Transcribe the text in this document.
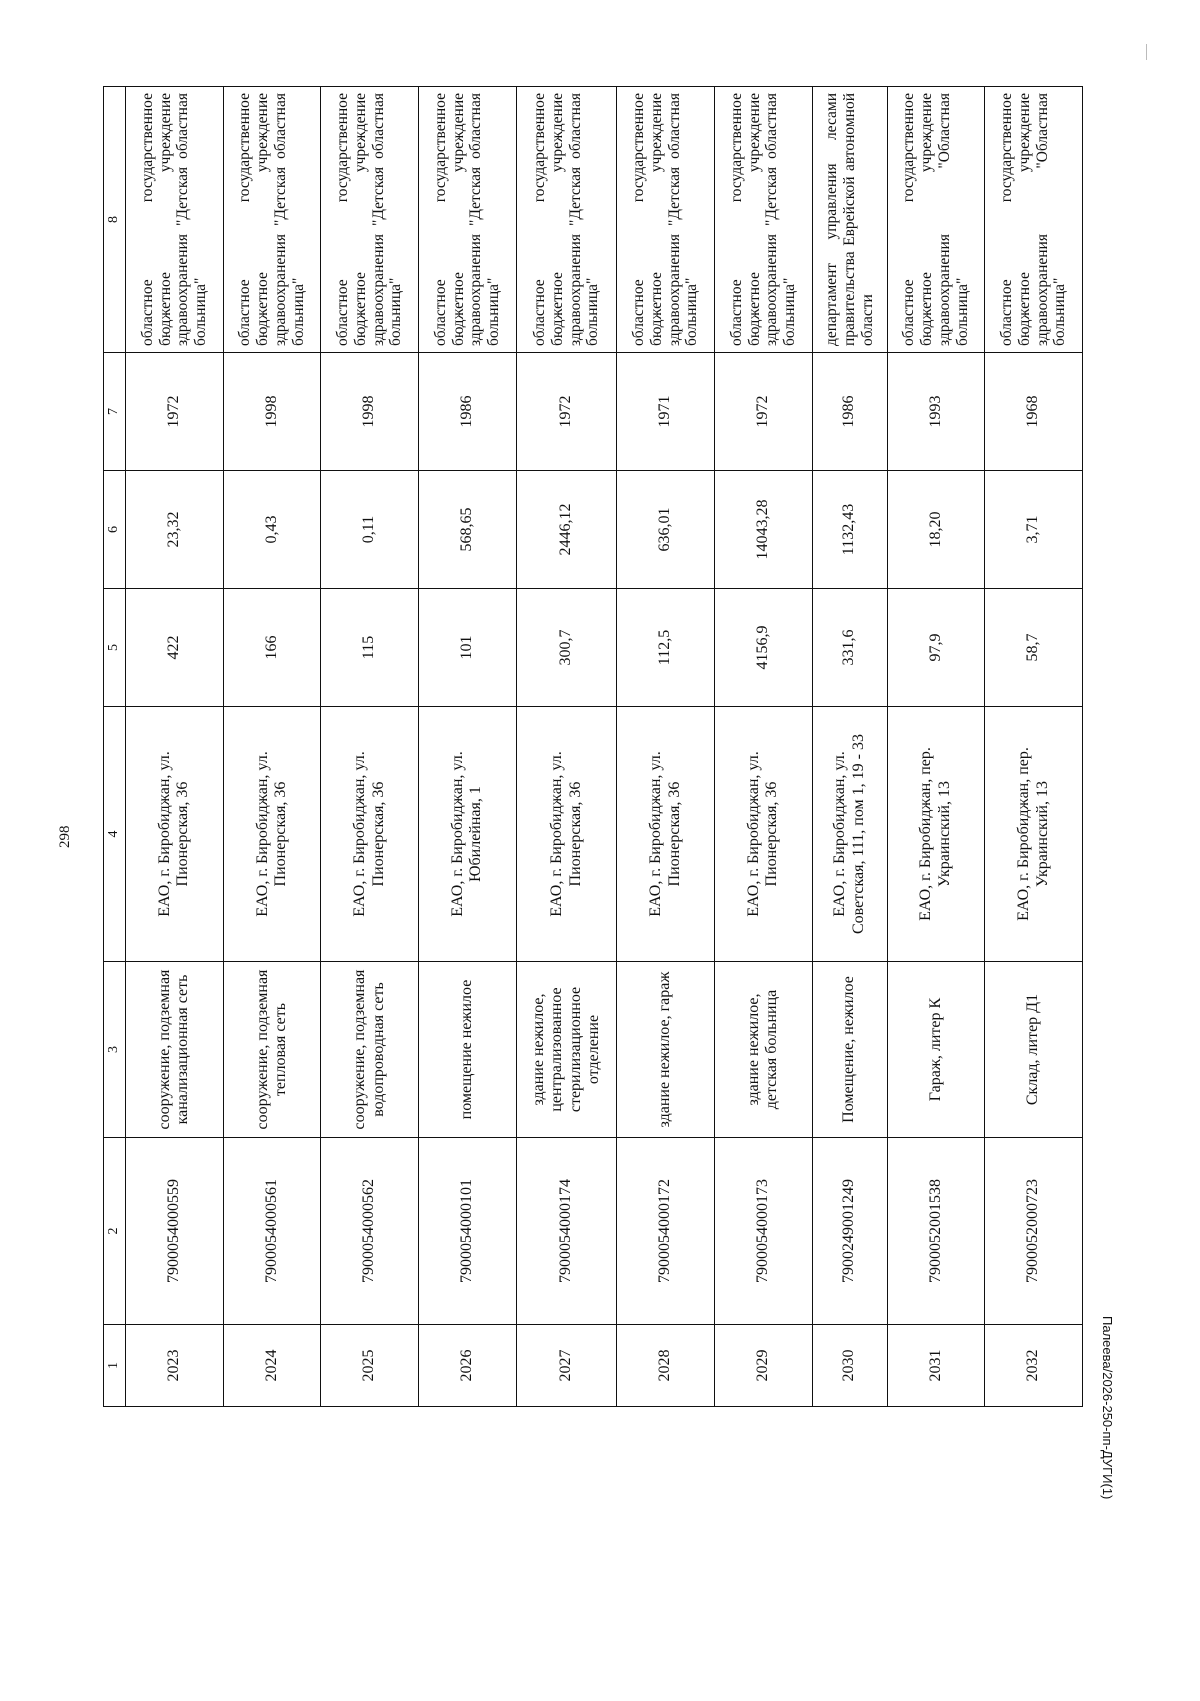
298
Палеева/2026-250-пп-ДУГИ(1)
1	2	3	4	5	6	7	8
2023	7900054000559	сооружение, подземная канализационная сеть	ЕАО, г. Биробиджан, ул. Пионерская, 36	422	23,32	1972	областное государственное бюджетное учреждение здравоохранения "Детская областная больница"
2024	7900054000561	сооружение, подземная тепловая сеть	ЕАО, г. Биробиджан, ул. Пионерская, 36	166	0,43	1998	областное государственное бюджетное учреждение здравоохранения "Детская областная больница"
2025	7900054000562	сооружение, подземная водопроводная сеть	ЕАО, г. Биробиджан, ул. Пионерская, 36	115	0,11	1998	областное государственное бюджетное учреждение здравоохранения "Детская областная больница"
2026	7900054000101	помещение нежилое	ЕАО, г. Биробиджан, ул. Юбилейная, 1	101	568,65	1986	областное государственное бюджетное учреждение здравоохранения "Детская областная больница"
2027	7900054000174	здание нежилое, централизованное стерилизационное отделение	ЕАО, г. Биробиджан, ул. Пионерская, 36	300,7	2446,12	1972	областное государственное бюджетное учреждение здравоохранения "Детская областная больница"
2028	7900054000172	здание нежилое, гараж	ЕАО, г. Биробиджан, ул. Пионерская, 36	112,5	636,01	1971	областное государственное бюджетное учреждение здравоохранения "Детская областная больница"
2029	7900054000173	здание нежилое, детская больница	ЕАО, г. Биробиджан, ул. Пионерская, 36	4156,9	14043,28	1972	областное государственное бюджетное учреждение здравоохранения "Детская областная больница"
2030	7900249001249	Помещение, нежилое	ЕАО, г. Биробиджан, ул. Советская, 111, пом 1, 19 - 33	331,6	1132,43	1986	департамент управления лесами правительства Еврейской автономной области
2031	7900052001538	Гараж, литер К	ЕАО, г. Биробиджан, пер. Украинский, 13	97,9	18,20	1993	областное государственное бюджетное учреждение здравоохранения "Областная больница"
2032	7900052000723	Склад, литер Д1	ЕАО, г. Биробиджан, пер. Украинский, 13	58,7	3,71	1968	областное государственное бюджетное учреждение здравоохранения "Областная больница"
